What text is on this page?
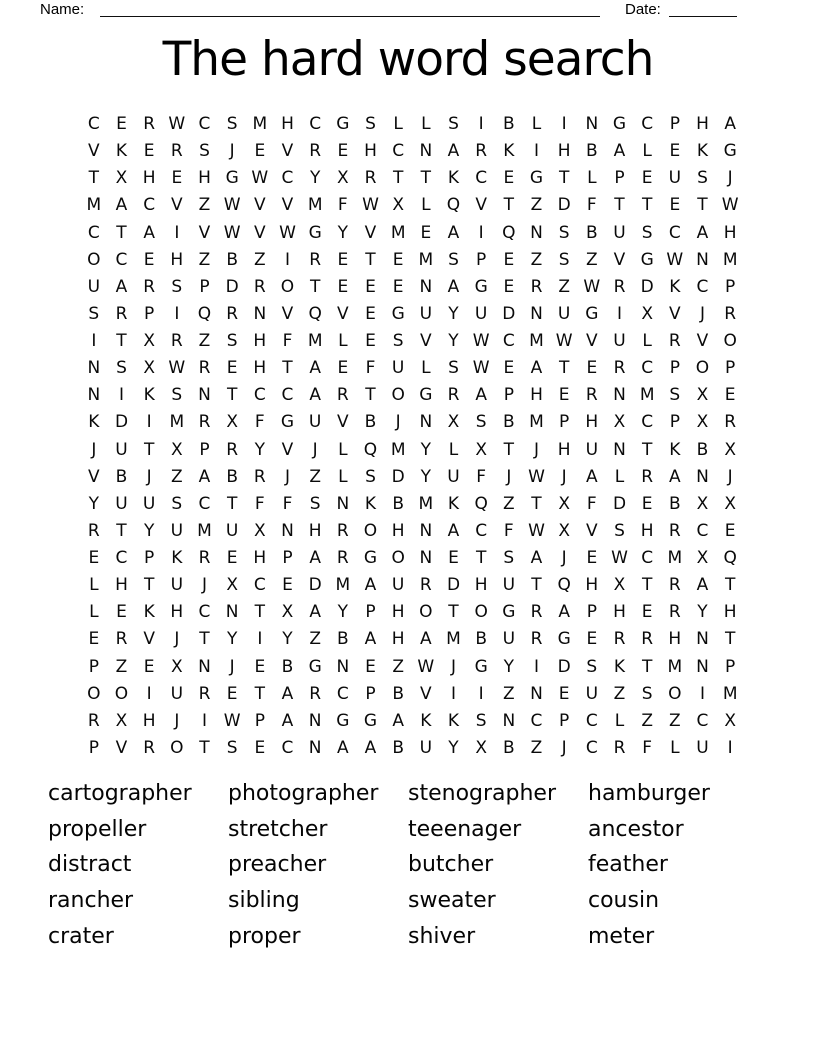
Name:	Date:
The hard word search
C E R W C S M H C G S	L	L	S	I	B	L	I	N G C P H A
V K E R S	J	E V R E H C N A R K	I	H B A	L	E K G
T X H E H G W C Y X R T	T K C E G T	L	P	E U S	J
M A C V Z W V V M F W X	L Q V T Z D F	T	T	E	T W
C T A	I	V W V W G Y V M E A	I	Q N S B U S C A H
O C E H Z B Z	I	R E	T	E M S	P	E Z S Z V G W N M
U A R S	P D R O T	E E E N A G E R Z W R D K C P
S R P	I	Q R N V Q V E G U Y U D N U G	I	X V	J	R
I	T X R Z S H F M L	E S V Y W C M W V U L	R V O
N S X W R E H T A E	F U L	S W E A T	E R C P O P
N	I	K S N T C C A R T O G R A P H E R N M S X E
K D	I	M R X F G U V B	J	N X S B M P H X C P X R
J	U T X P R Y V	J	L Q M Y	L	X T	J	H U N T K B X
V B	J	Z A B R	J	Z	L	S D Y U F	J W J	A	L	R A N	J
Y U U S C T	F	F	S N K B M K Q Z T X F D E B X X
R T	Y U M U X N H R O H N A C F W X V S H R C E
E C P K R E H P A R G O N E	T	S A	J	E W C M X Q
L H T U	J	X C E D M A U R D H U T Q H X T R A T
L	E K H C N T X A Y	P H O T O G R A P H E R Y H
E R V	J	T	Y	I	Y Z B A H A M B U R G E R R H N T
P Z E X N	J	E B G N E Z W J	G Y	I	D S K T M N P
O O	I	U R E	T A R C P B V	I	I	Z N E U Z S O	I	M
R X H	J	I W P A N G G A K K S N C P C	L	Z Z C X
P V R O T	S E C N A A B U Y X B Z	J	C R F	L U	I
cartographer
propeller
distract
rancher
crater
photographer
stretcher
preacher
sibling
proper
stenographer
teeenager
butcher
sweater
shiver
hamburger
ancestor
feather
cousin
meter
